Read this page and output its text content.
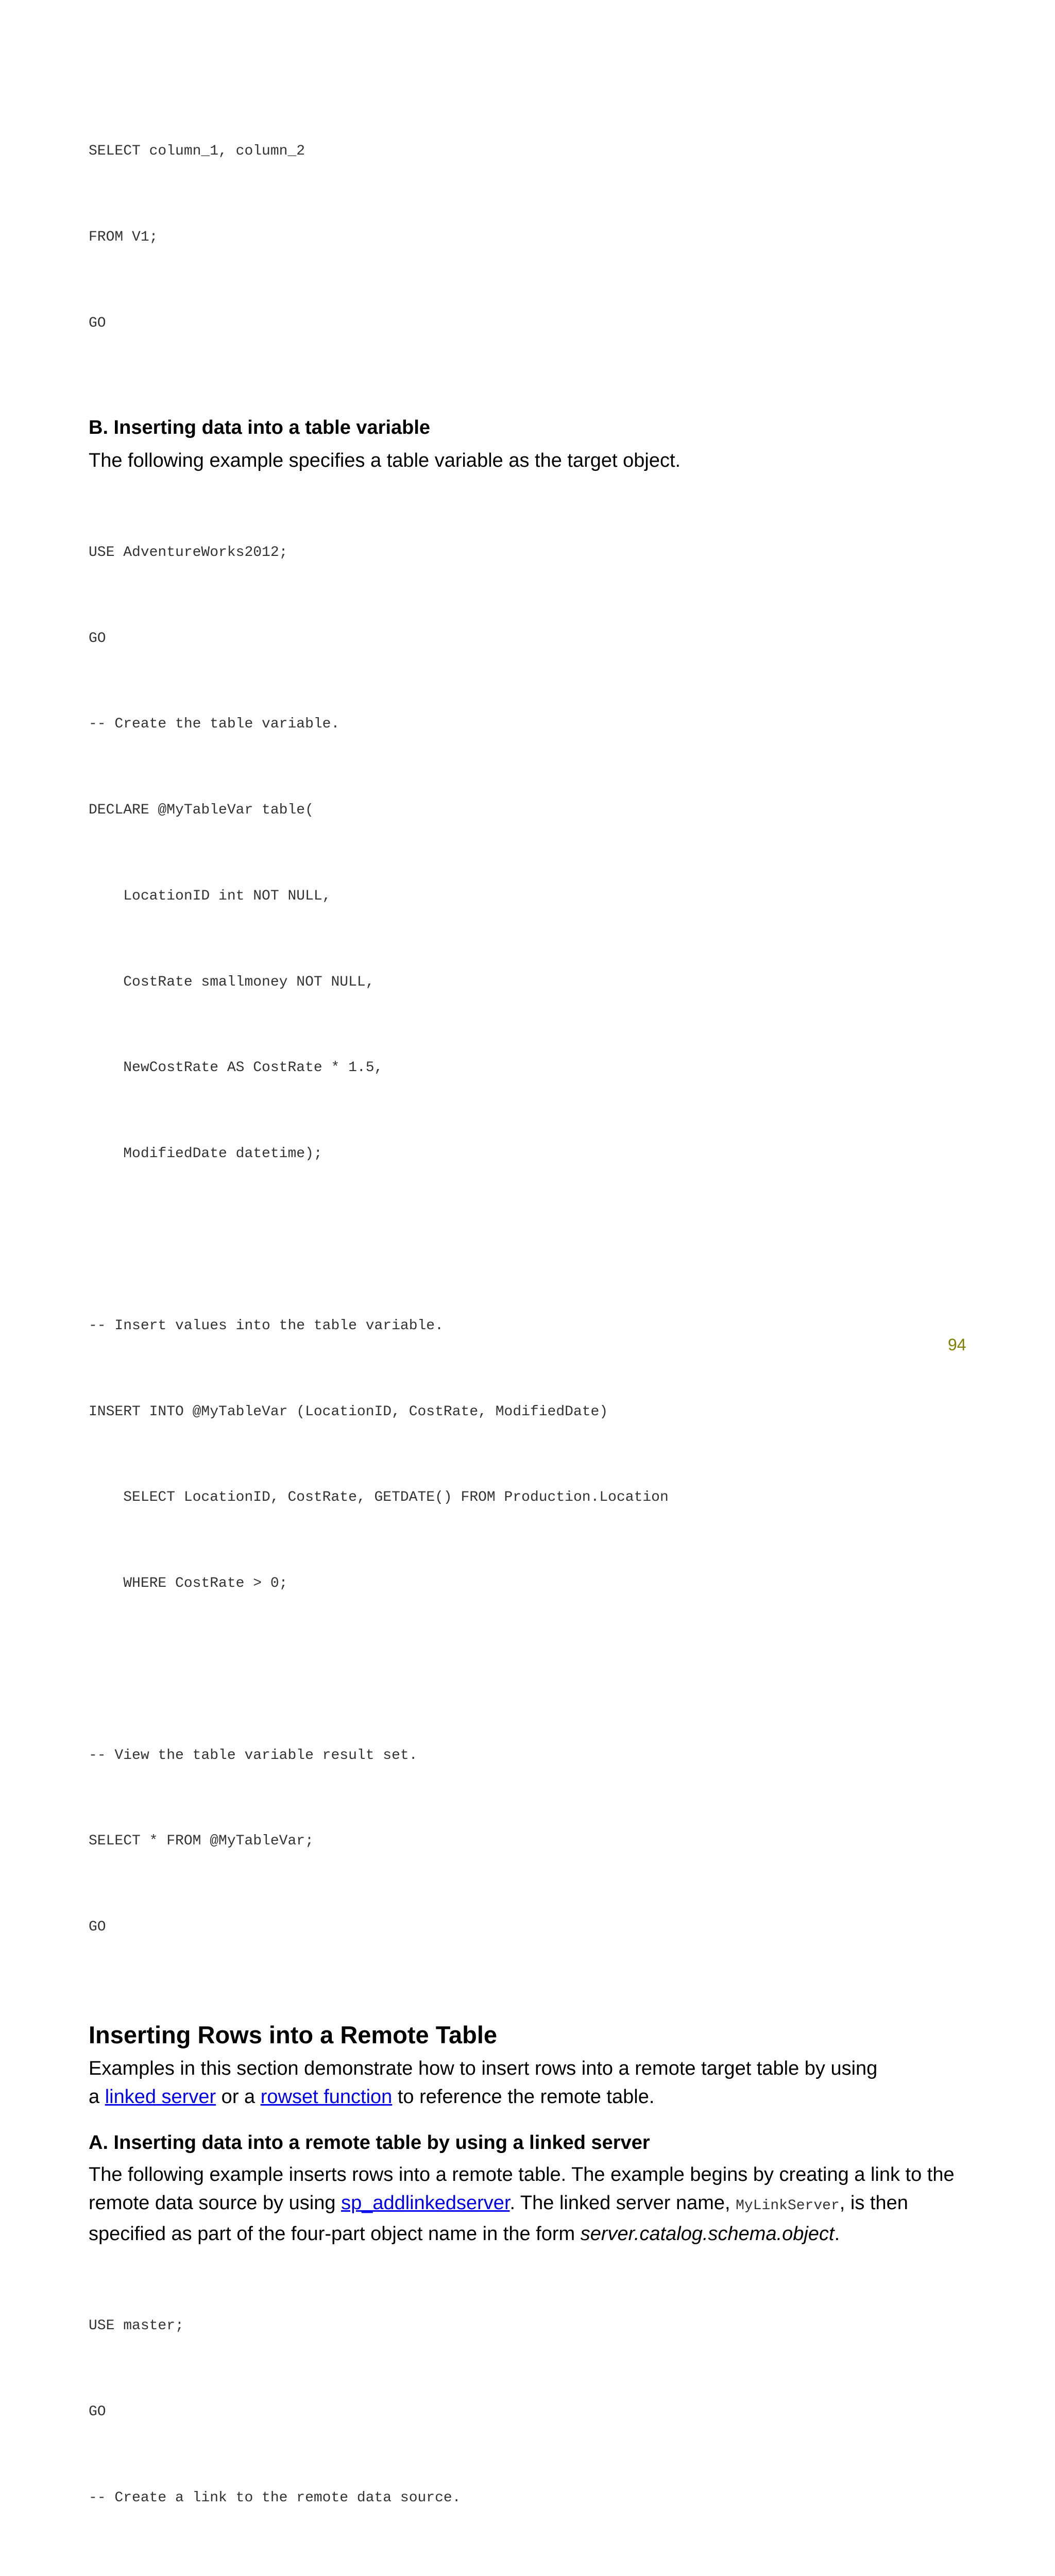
SELECT column_1, column_2

FROM V1;

GO

B. Inserting data into a table variable
The following example specifies a table variable as the target object.

USE AdventureWorks2012;

GO

-- Create the table variable.

DECLARE @MyTableVar table(

LocationID int NOT NULL,

CostRate smallmoney NOT NULL,

NewCostRate AS CostRate * 1.5,

ModifiedDate datetime);

-- Insert values into the table variable.

INSERT INTO @MyTableVar (LocationID, CostRate, ModifiedDate)

SELECT LocationID, CostRate, GETDATE() FROM Production.Location

WHERE CostRate > 0;

-- View the table variable result set.

SELECT * FROM @MyTableVar;

GO

Inserting Rows into a Remote Table
Examples in this section demonstrate how to insert rows into a remote target table by using
a linked server or a rowset function to reference the remote table.
A. Inserting data into a remote table by using a linked server
The following example inserts rows into a remote table. The example begins by creating a link to the remote data source by using sp_addlinkedserver. The linked server name, MyLinkServer, is then specified as part of the four-part object name in the form server.catalog.schema.object.

USE master;

GO

-- Create a link to the remote data source.

94
